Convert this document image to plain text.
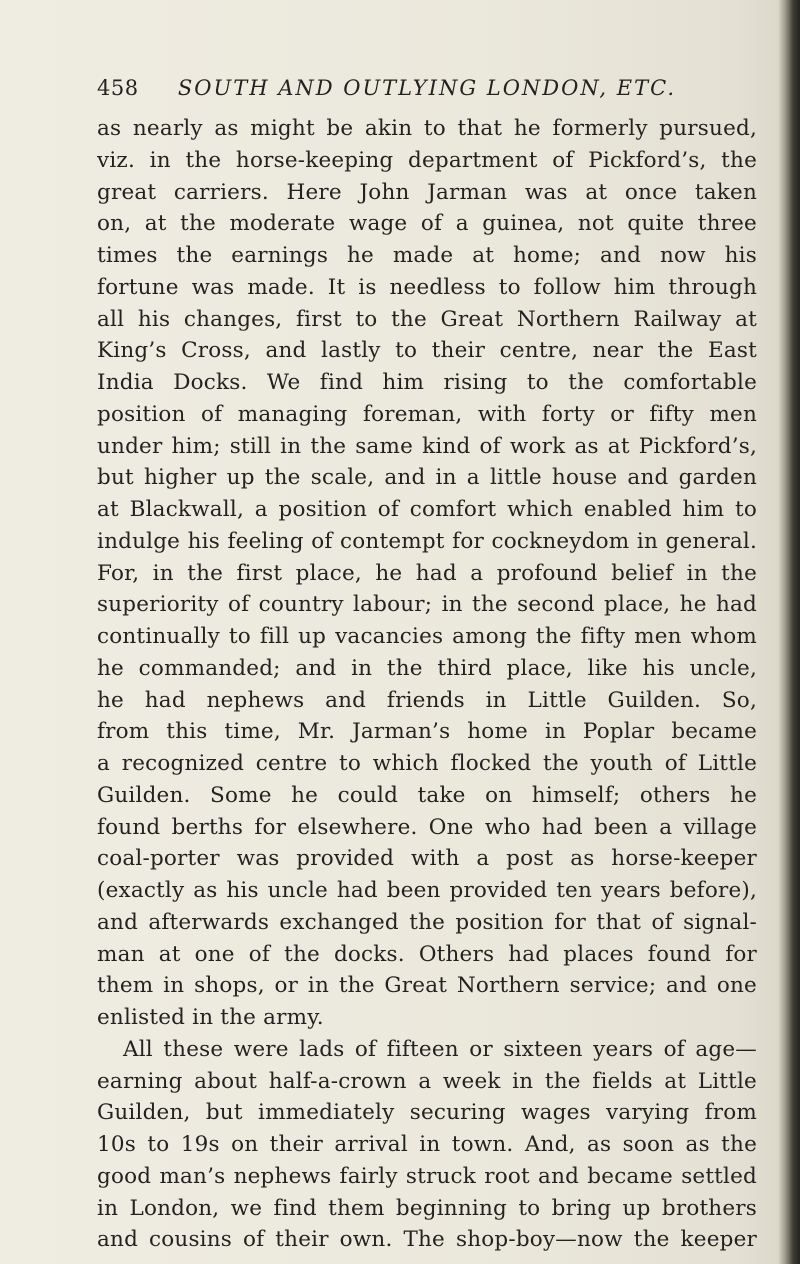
458	SOUTH AND OUTLYING LONDON, ETC.
as nearly as might be akin to that he formerly pursued,
viz. in the horse-keeping department of Pickford’s, the
great carriers. Here John Jarman was at once taken
on, at the moderate wage of a guinea, not quite three
times the earnings he made at home; and now his
fortune was made. It is needless to follow him through
all his changes, first to the Great Northern Railway at
King’s Cross, and lastly to their centre, near the East
India Docks. We find him rising to the comfortable
position of managing foreman, with forty or fifty men
under him; still in the same kind of work as at Pickford’s,
but higher up the scale, and in a little house and garden
at Blackwall, a position of comfort which enabled him to
indulge his feeling of contempt for cockneydom in general.
For, in the first place, he had a profound belief in the
superiority of country labour; in the second place, he had
continually to fill up vacancies among the fifty men whom
he commanded; and in the third place, like his uncle,
he had nephews and friends in Little Guilden. So,
from this time, Mr. Jarman’s home in Poplar became
a recognized centre to which flocked the youth of Little
Guilden. Some he could take on himself; others he
found berths for elsewhere. One who had been a village
coal-porter was provided with a post as horse-keeper
(exactly as his uncle had been provided ten years before),
and afterwards exchanged the position for that of signal-
man at one of the docks. Others had places found for
them in shops, or in the Great Northern service; and one
enlisted in the army.
All these were lads of fifteen or sixteen years of age—
earning about half-a-crown a week in the fields at Little
Guilden, but immediately securing wages varying from
10s to 19s on their arrival in town. And, as soon as the
good man’s nephews fairly struck root and became settled
in London, we find them beginning to bring up brothers
and cousins of their own. The shop-boy—now the keeper
